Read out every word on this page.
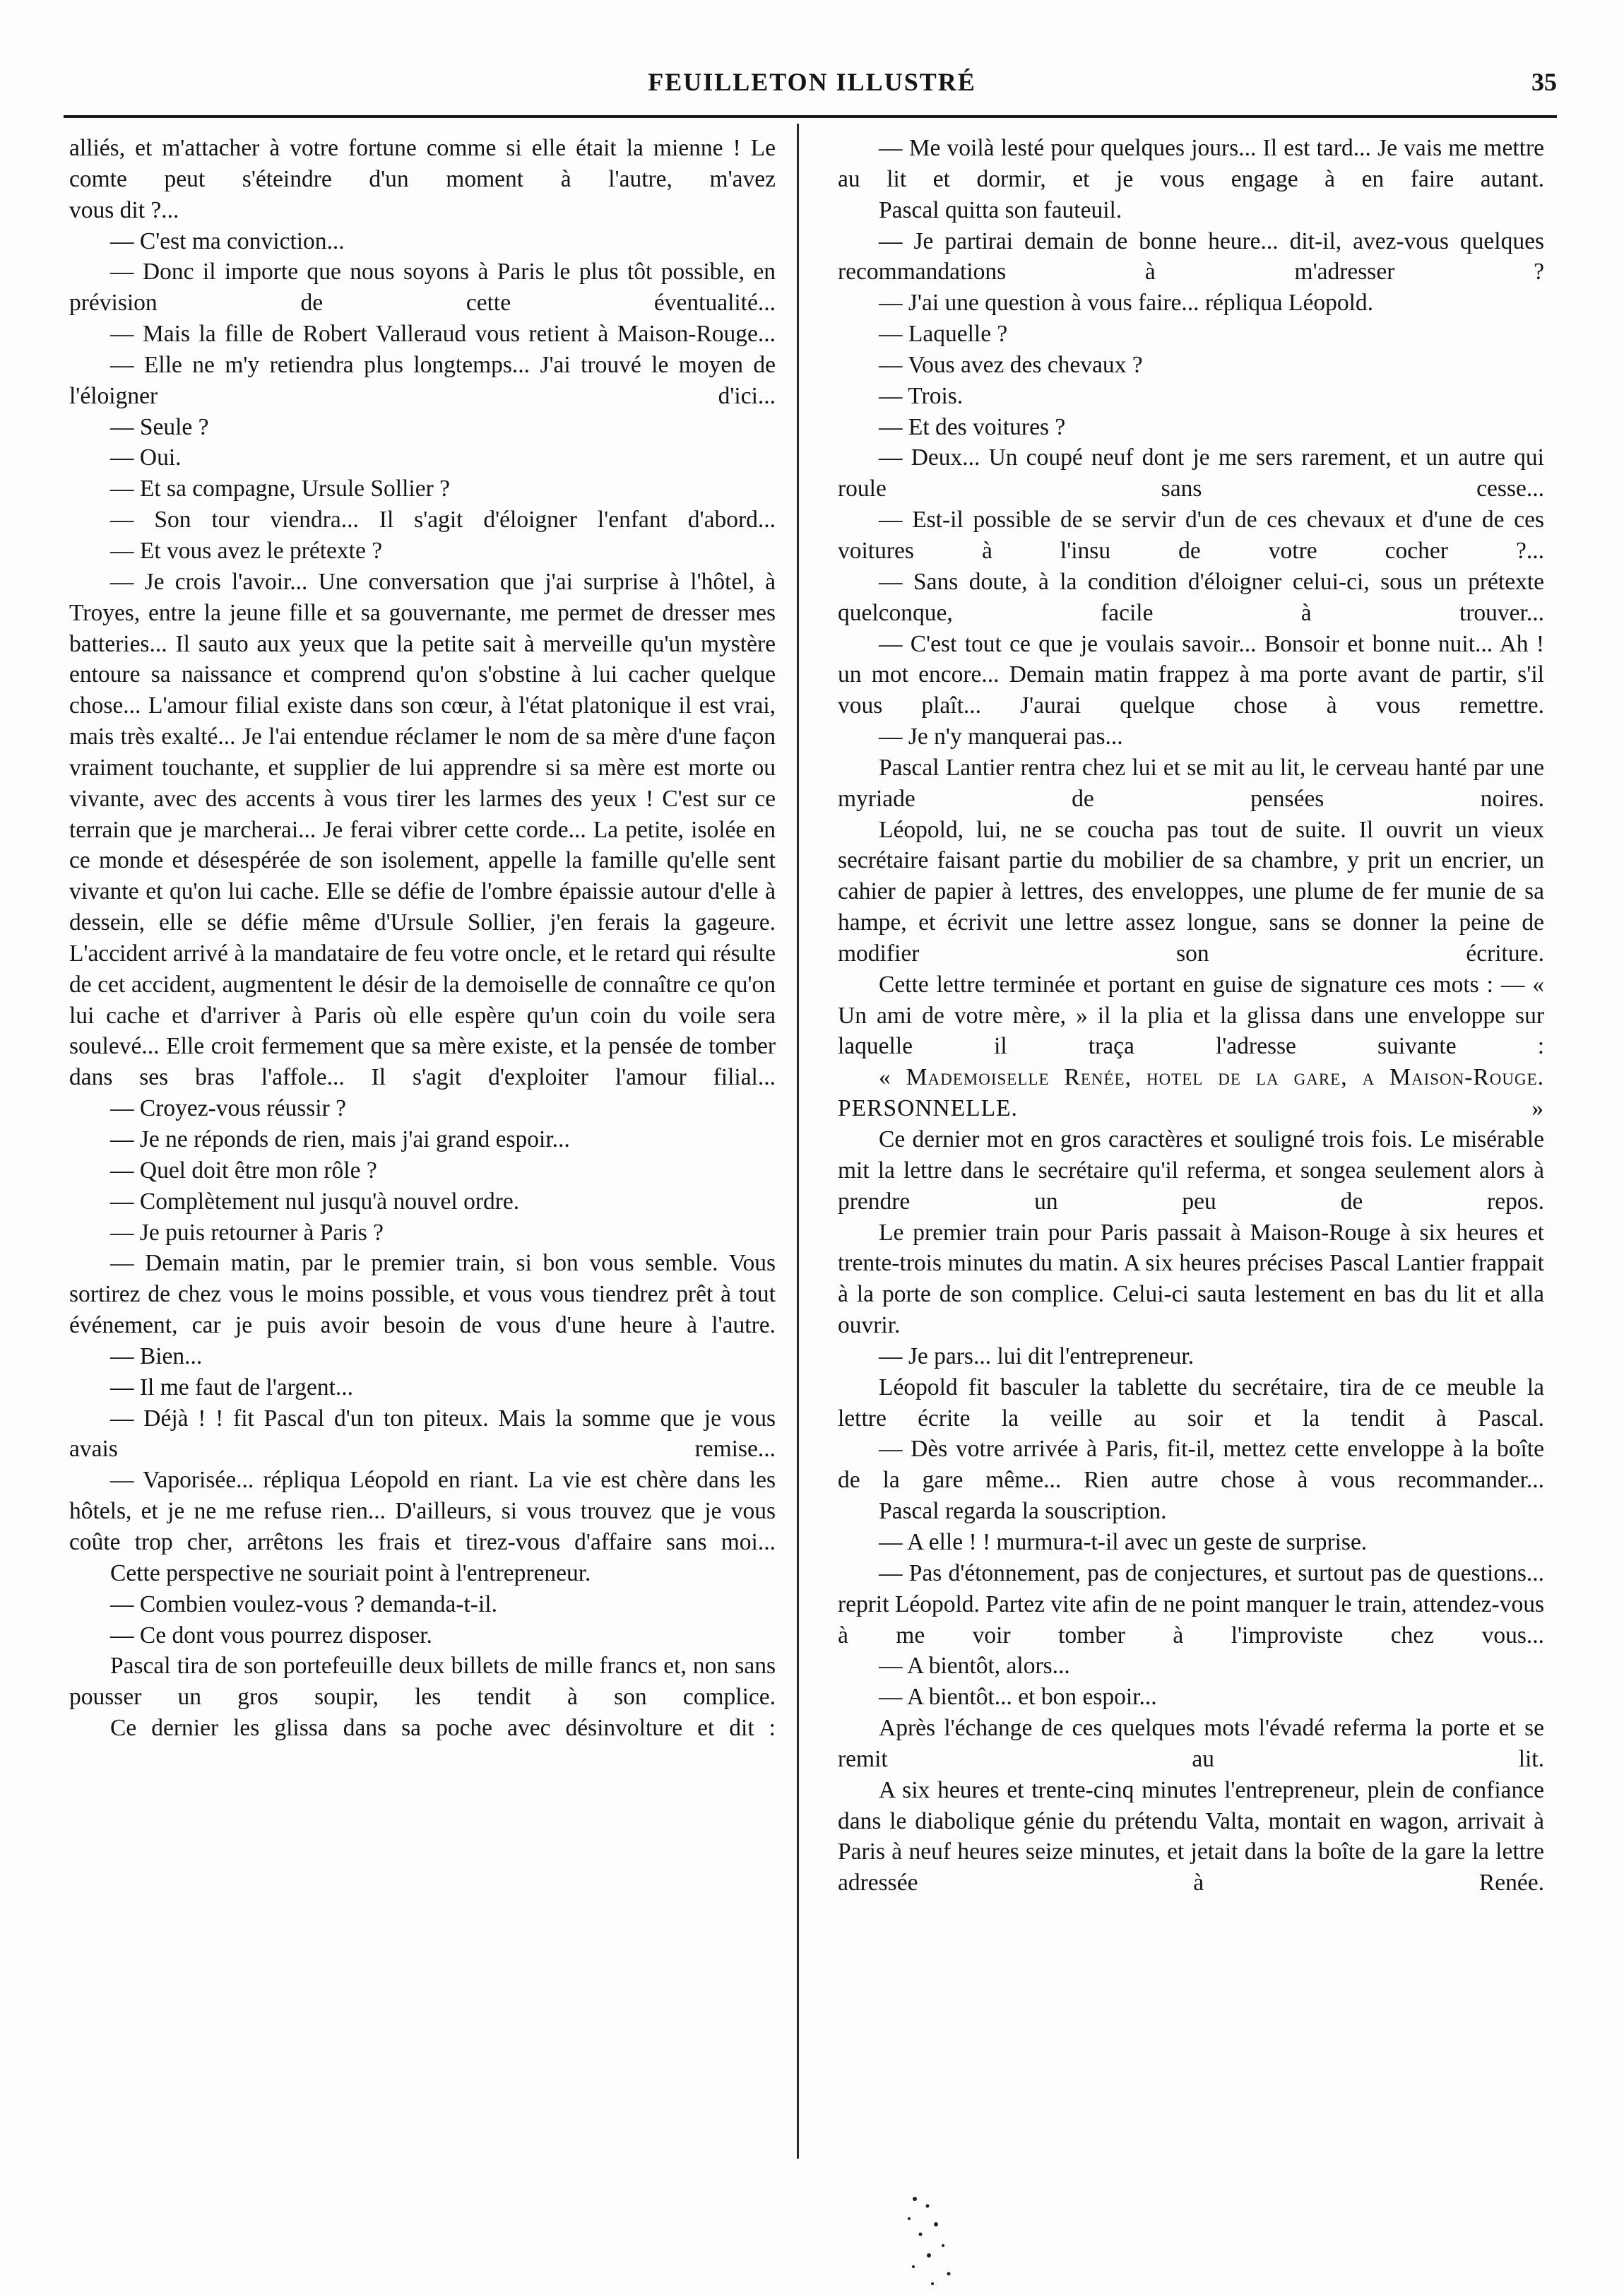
FEUILLETON ILLUSTRÉ	35

alliés, et m'attacher à votre fortune comme si elle était la mienne ! Le comte peut s'éteindre d'un moment à l'autre, m'avez

vous dit ?...

— C'est ma conviction...

— Donc il importe que nous soyons à Paris le plus tôt possible, en prévision de cette éventualité...

— Mais la fille de Robert Valleraud vous retient à Maison-Rouge...

— Elle ne m'y retiendra plus longtemps... J'ai trouvé le moyen de l'éloigner d'ici...

— Seule ?

— Oui.

— Et sa compagne, Ursule Sollier ?

— Son tour viendra... Il s'agit d'éloigner l'enfant d'abord...

— Et vous avez le prétexte ?

— Je crois l'avoir... Une conversation que j'ai surprise à l'hôtel, à Troyes, entre la jeune fille et sa gouvernante, me permet de dresser mes batteries... Il sauto aux yeux que la petite sait à merveille qu'un mystère entoure sa naissance et comprend qu'on s'obstine à lui cacher quelque chose... L'amour filial existe dans son cœur, à l'état platonique il est vrai, mais très exalté... Je l'ai entendue réclamer le nom de sa mère d'une façon vraiment touchante, et supplier de lui apprendre si sa mère est morte ou vivante, avec des accents à vous tirer les larmes des yeux ! C'est sur ce terrain que je marcherai... Je ferai vibrer cette corde... La petite, isolée en ce monde et désespérée de son isolement, appelle la famille qu'elle sent vivante et qu'on lui cache. Elle se défie de l'ombre épaissie autour d'elle à dessein, elle se défie même d'Ursule Sollier, j'en ferais la gageure. L'accident arrivé à la mandataire de feu votre oncle, et le retard qui résulte de cet accident, augmentent le désir de la demoiselle de connaître ce qu'on lui cache et d'arriver à Paris où elle espère qu'un coin du voile sera soulevé... Elle croit fermement que sa mère existe, et la pensée de tomber dans ses bras l'affole... Il s'agit d'exploiter l'amour filial...

— Croyez-vous réussir ?

— Je ne réponds de rien, mais j'ai grand espoir...

— Quel doit être mon rôle ?

— Complètement nul jusqu'à nouvel ordre.

— Je puis retourner à Paris ?

— Demain matin, par le premier train, si bon vous semble. Vous sortirez de chez vous le moins possible, et vous vous tiendrez prêt à tout événement, car je puis avoir besoin de vous d'une heure à l'autre.

— Bien...

— Il me faut de l'argent...

— Déjà ! ! fit Pascal d'un ton piteux. Mais la somme que je vous avais remise...

— Vaporisée... répliqua Léopold en riant. La vie est chère dans les hôtels, et je ne me refuse rien... D'ailleurs, si vous trouvez que je vous coûte trop cher, arrêtons les frais et tirez-vous d'affaire sans moi...

Cette perspective ne souriait point à l'entrepreneur.

— Combien voulez-vous ? demanda-t-il.

— Ce dont vous pourrez disposer.

Pascal tira de son portefeuille deux billets de mille francs et, non sans pousser un gros soupir, les tendit à son complice.

Ce dernier les glissa dans sa poche avec désinvolture et dit :

— Me voilà lesté pour quelques jours... Il est tard... Je vais me mettre au lit et dormir, et je vous engage à en faire autant.

Pascal quitta son fauteuil.

— Je partirai demain de bonne heure... dit-il, avez-vous quelques recommandations à m'adresser ?

— J'ai une question à vous faire... répliqua Léopold.

— Laquelle ?

— Vous avez des chevaux ?

— Trois.

— Et des voitures ?

— Deux... Un coupé neuf dont je me sers rarement, et un autre qui roule sans cesse...

— Est-il possible de se servir d'un de ces chevaux et d'une de ces voitures à l'insu de votre cocher ?...

— Sans doute, à la condition d'éloigner celui-ci, sous un prétexte quelconque, facile à trouver...

— C'est tout ce que je voulais savoir... Bonsoir et bonne nuit... Ah ! un mot encore... Demain matin frappez à ma porte avant de partir, s'il vous plaît... J'aurai quelque chose à vous remettre.

— Je n'y manquerai pas...

Pascal Lantier rentra chez lui et se mit au lit, le cerveau hanté par une myriade de pensées noires.

Léopold, lui, ne se coucha pas tout de suite. Il ouvrit un vieux secrétaire faisant partie du mobilier de sa chambre, y prit un encrier, un cahier de papier à lettres, des enveloppes, une plume de fer munie de sa hampe, et écrivit une lettre assez longue, sans se donner la peine de modifier son écriture.

Cette lettre terminée et portant en guise de signature ces mots : — « Un ami de votre mère, » il la plia et la glissa dans une enveloppe sur laquelle il traça l'adresse suivante :

« Mademoiselle Renée, hotel de la gare, a Maison-Rouge. PERSONNELLE. »

Ce dernier mot en gros caractères et souligné trois fois. Le misérable mit la lettre dans le secrétaire qu'il referma, et songea seulement alors à prendre un peu de repos.

Le premier train pour Paris passait à Maison-Rouge à six heures et trente-trois minutes du matin. A six heures précises Pascal Lantier frappait à la porte de son complice. Celui-ci sauta lestement en bas du lit et alla ouvrir.

— Je pars... lui dit l'entrepreneur.

Léopold fit basculer la tablette du secrétaire, tira de ce meuble la lettre écrite la veille au soir et la tendit à Pascal.

— Dès votre arrivée à Paris, fit-il, mettez cette enveloppe à la boîte de la gare même... Rien autre chose à vous recommander...

Pascal regarda la souscription.

— A elle ! ! murmura-t-il avec un geste de surprise.

— Pas d'étonnement, pas de conjectures, et surtout pas de questions... reprit Léopold. Partez vite afin de ne point manquer le train, attendez-vous à me voir tomber à l'improviste chez vous...

— A bientôt, alors...

— A bientôt... et bon espoir...

Après l'échange de ces quelques mots l'évadé referma la porte et se remit au lit.

A six heures et trente-cinq minutes l'entrepreneur, plein de confiance dans le diabolique génie du prétendu Valta, montait en wagon, arrivait à Paris à neuf heures seize minutes, et jetait dans la boîte de la gare la lettre adressée à Renée.
